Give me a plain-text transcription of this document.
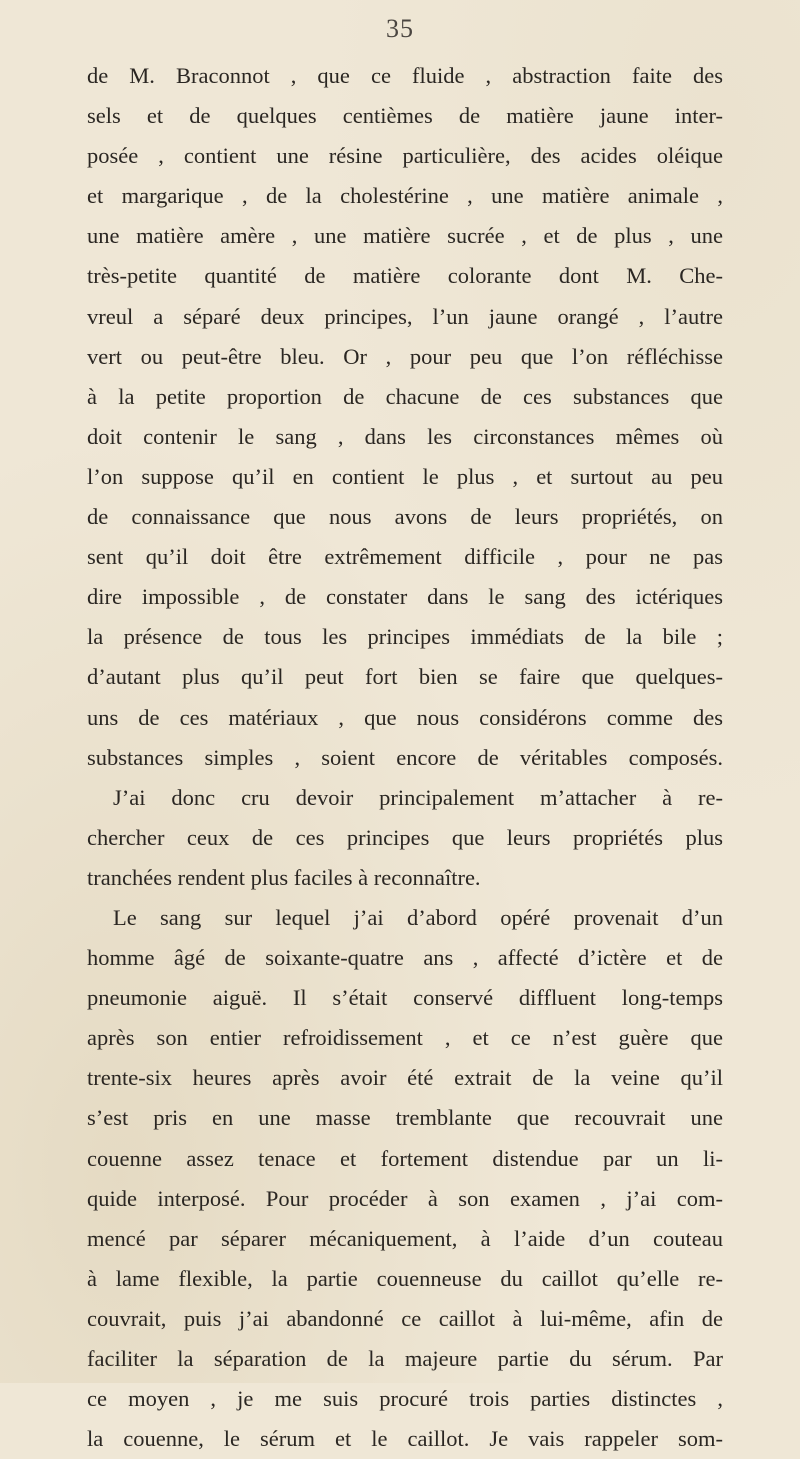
35
de M. Braconnot , que ce fluide , abstraction faite des
sels et de quelques centièmes de matière jaune inter-
posée , contient une résine particulière, des acides oléique
et margarique , de la cholestérine , une matière animale ,
une matière amère , une matière sucrée , et de plus , une
très-petite quantité de matière colorante dont M. Che-
vreul a séparé deux principes, l’un jaune orangé , l’autre
vert ou peut-être bleu. Or , pour peu que l’on réfléchisse
à la petite proportion de chacune de ces substances que
doit contenir le sang , dans les circonstances mêmes où
l’on suppose qu’il en contient le plus , et surtout au peu
de connaissance que nous avons de leurs propriétés, on
sent qu’il doit être extrêmement difficile , pour ne pas
dire impossible , de constater dans le sang des ictériques
la présence de tous les principes immédiats de la bile ;
d’autant plus qu’il peut fort bien se faire que quelques-
uns de ces matériaux , que nous considérons comme des
substances simples , soient encore de véritables composés.
J’ai donc cru devoir principalement m’attacher à re-
chercher ceux de ces principes que leurs propriétés plus
tranchées rendent plus faciles à reconnaître.
Le sang sur lequel j’ai d’abord opéré provenait d’un
homme âgé de soixante-quatre ans , affecté d’ictère et de
pneumonie aiguë. Il s’était conservé diffluent long-temps
après son entier refroidissement , et ce n’est guère que
trente-six heures après avoir été extrait de la veine qu’il
s’est pris en une masse tremblante que recouvrait une
couenne assez tenace et fortement distendue par un li-
quide interposé. Pour procéder à son examen , j’ai com-
mencé par séparer mécaniquement, à l’aide d’un couteau
à lame flexible, la partie couenneuse du caillot qu’elle re-
couvrait, puis j’ai abandonné ce caillot à lui-même, afin de
faciliter la séparation de la majeure partie du sérum. Par
ce moyen , je me suis procuré trois parties distinctes ,
la couenne, le sérum et le caillot. Je vais rappeler som-
